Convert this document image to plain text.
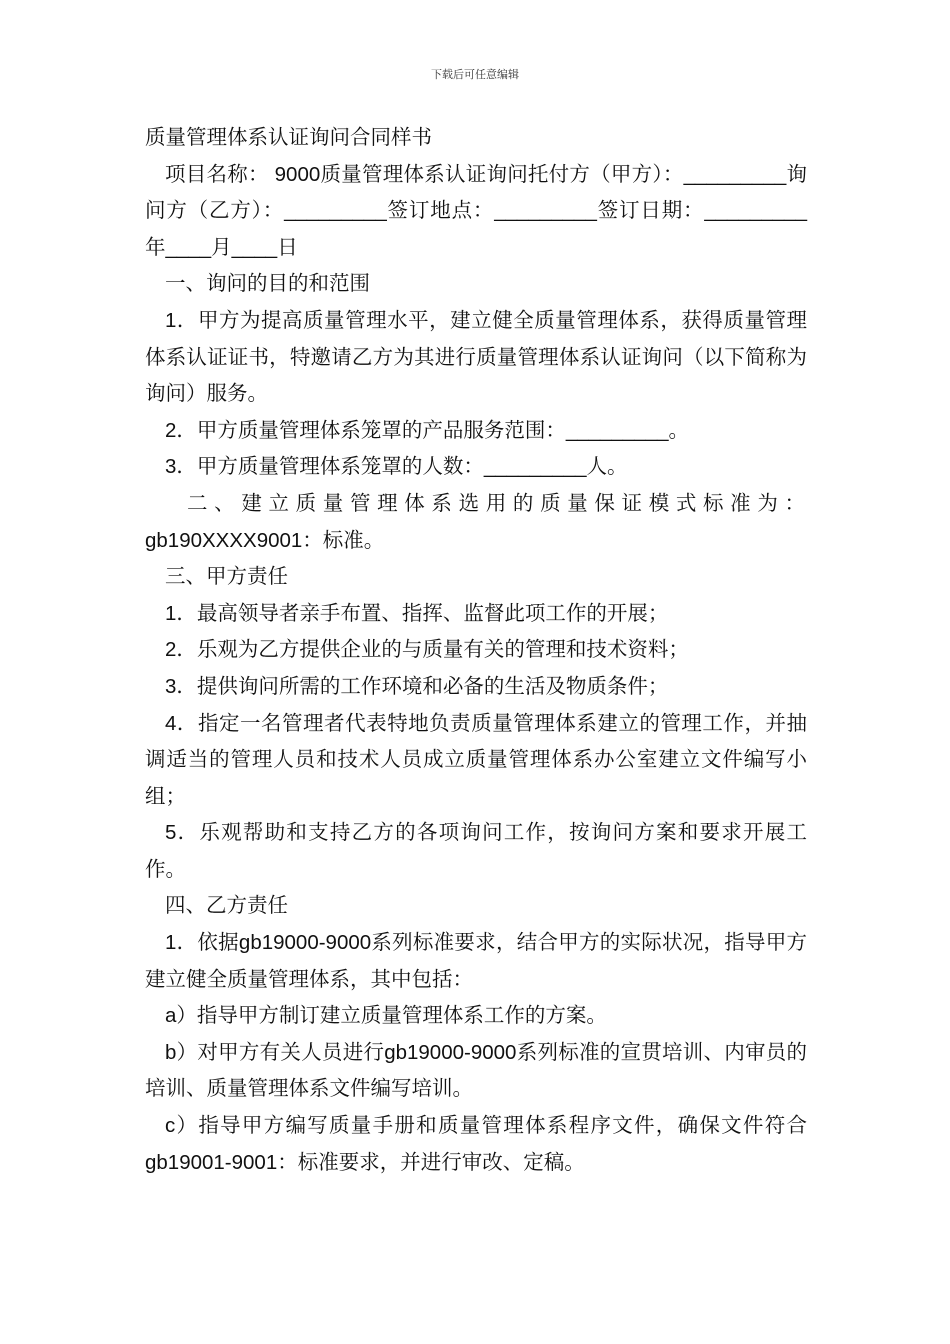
下载后可任意编辑

质量管理体系认证询问合同样书

项目名称： 9000质量管理体系认证询问托付方（甲方）：_________询问方（乙方）：_________签订地点：_________签订日期：_________年____月____日

一、询问的目的和范围

1．甲方为提高质量管理水平，建立健全质量管理体系，获得质量管理体系认证证书，特邀请乙方为其进行质量管理体系认证询问（以下简称为询问）服务。

2．甲方质量管理体系笼罩的产品服务范围：_________。

3．甲方质量管理体系笼罩的人数：_________人。

二、建立质量管理体系选用的质量保证模式标准为：

gb190XXXX9001：标准。

三、甲方责任

1．最高领导者亲手布置、指挥、监督此项工作的开展；

2．乐观为乙方提供企业的与质量有关的管理和技术资料；

3．提供询问所需的工作环境和必备的生活及物质条件；

4．指定一名管理者代表特地负责质量管理体系建立的管理工作，并抽调适当的管理人员和技术人员成立质量管理体系办公室建立文件编写小组；

5．乐观帮助和支持乙方的各项询问工作，按询问方案和要求开展工作。

四、乙方责任

1．依据gb19000-9000系列标准要求，结合甲方的实际状况，指导甲方建立健全质量管理体系，其中包括：

a）指导甲方制订建立质量管理体系工作的方案。

b）对甲方有关人员进行gb19000-9000系列标准的宣贯培训、内审员的培训、质量管理体系文件编写培训。

c）指导甲方编写质量手册和质量管理体系程序文件，确保文件符合gb19001-9001：标准要求，并进行审改、定稿。
